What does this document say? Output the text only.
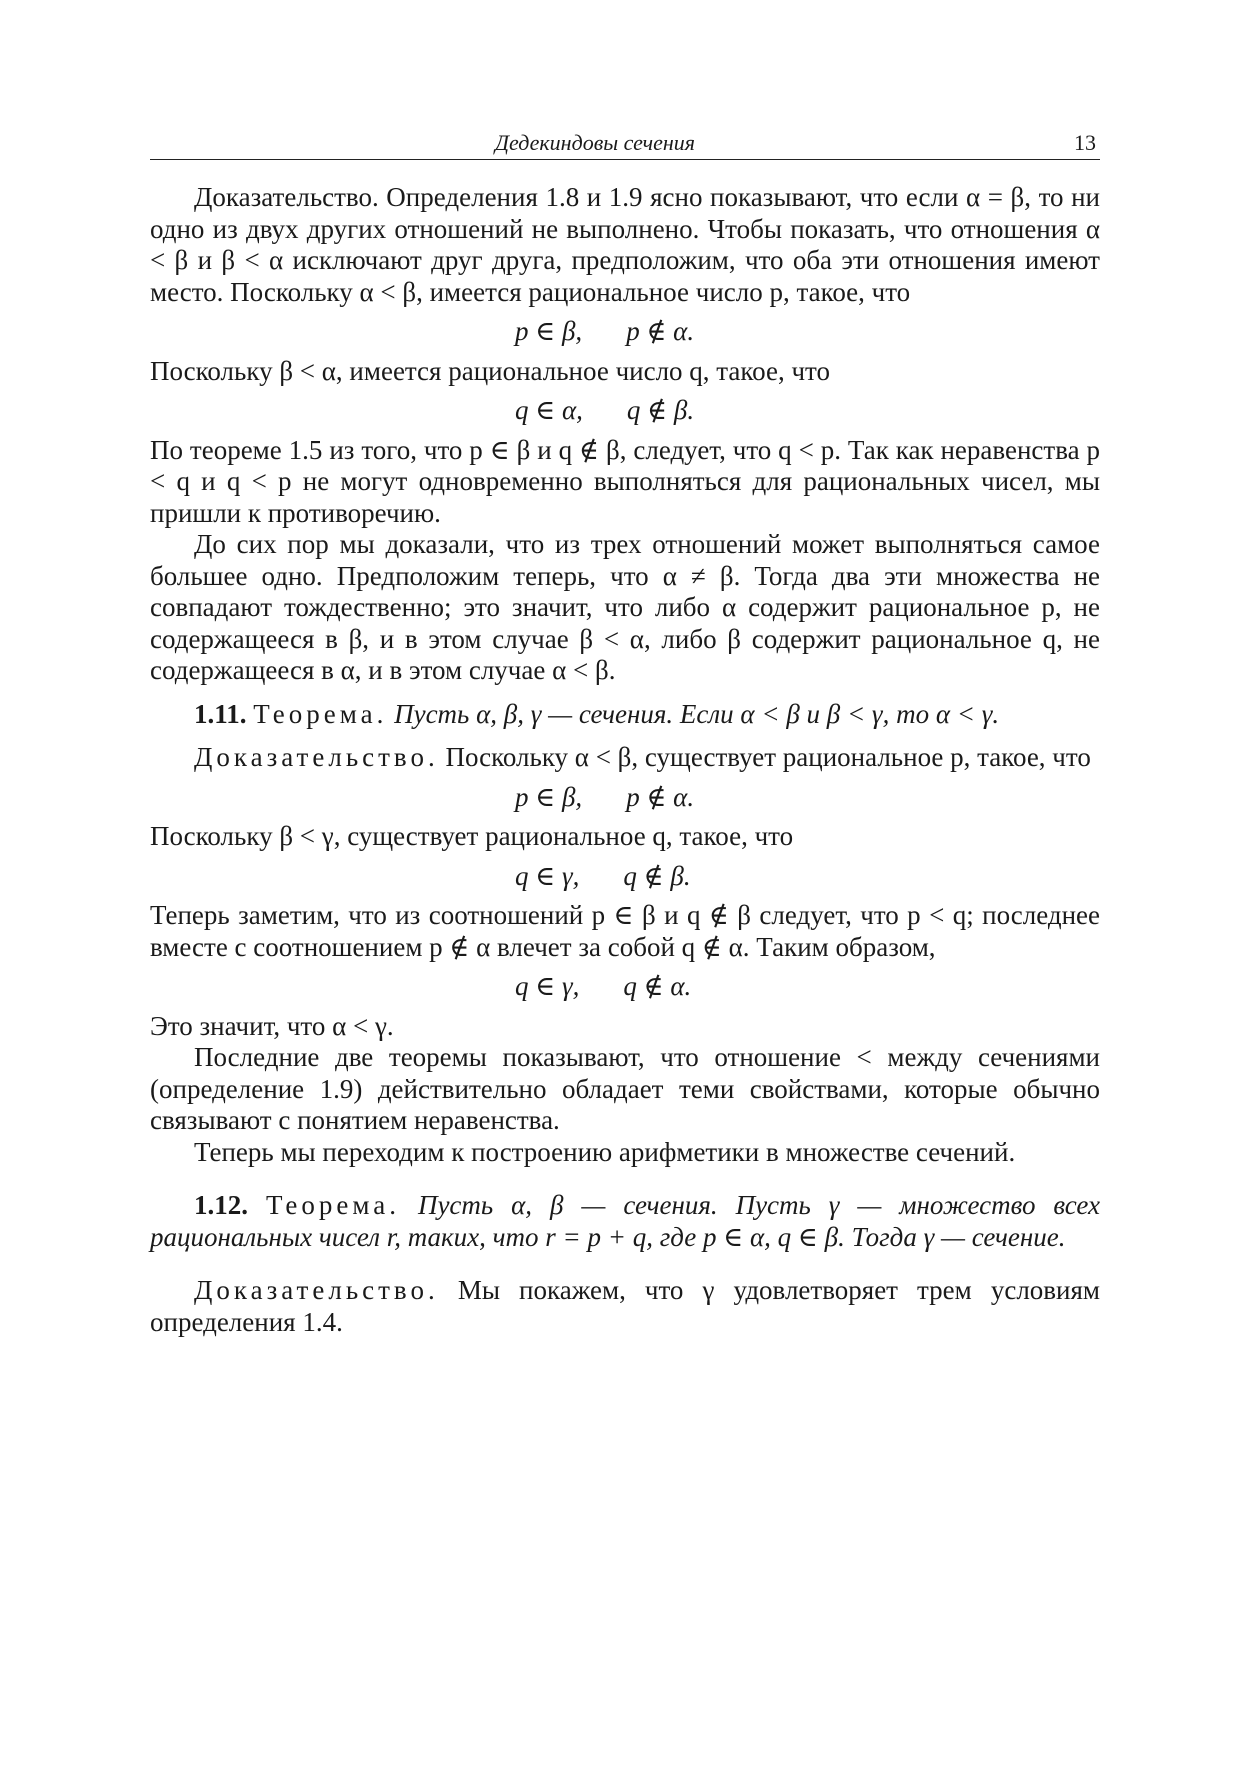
Дедекиндовы сечения	13

Доказательство. Определения 1.8 и 1.9 ясно показывают, что если α = β, то ни одно из двух других отношений не выполнено. Чтобы показать, что отношения α < β и β < α исключают друг друга, предположим, что оба эти отношения имеют место. Поскольку α < β, имеется рациональное число p, такое, что

p ∈ β, p ∉ α.

Поскольку β < α, имеется рациональное число q, такое, что

q ∈ α, q ∉ β.

По теореме 1.5 из того, что p ∈ β и q ∉ β, следует, что q < p. Так как неравенства p < q и q < p не могут одновременно выполняться для рациональных чисел, мы пришли к противоречию.

До сих пор мы доказали, что из трех отношений может выполняться самое большее одно. Предположим теперь, что α ≠ β. Тогда два эти множества не совпадают тождественно; это значит, что либо α содержит рациональное p, не содержащееся в β, и в этом случае β < α, либо β содержит рациональное q, не содержащееся в α, и в этом случае α < β.

1.11. Теорема. Пусть α, β, γ — сечения. Если α < β и β < γ, то α < γ.

Доказательство. Поскольку α < β, существует рациональное p, такое, что

p ∈ β, p ∉ α.

Поскольку β < γ, существует рациональное q, такое, что

q ∈ γ, q ∉ β.

Теперь заметим, что из соотношений p ∈ β и q ∉ β следует, что p < q; последнее вместе с соотношением p ∉ α влечет за собой q ∉ α. Таким образом,

q ∈ γ, q ∉ α.

Это значит, что α < γ.

Последние две теоремы показывают, что отношение < между сечениями (определение 1.9) действительно обладает теми свойствами, которые обычно связывают с понятием неравенства.

Теперь мы переходим к построению арифметики в множестве сечений.

1.12. Теорема. Пусть α, β — сечения. Пусть γ — множество всех рациональных чисел r, таких, что r = p + q, где p ∈ α, q ∈ β. Тогда γ — сечение.

Доказательство. Мы покажем, что γ удовлетворяет трем условиям определения 1.4.
